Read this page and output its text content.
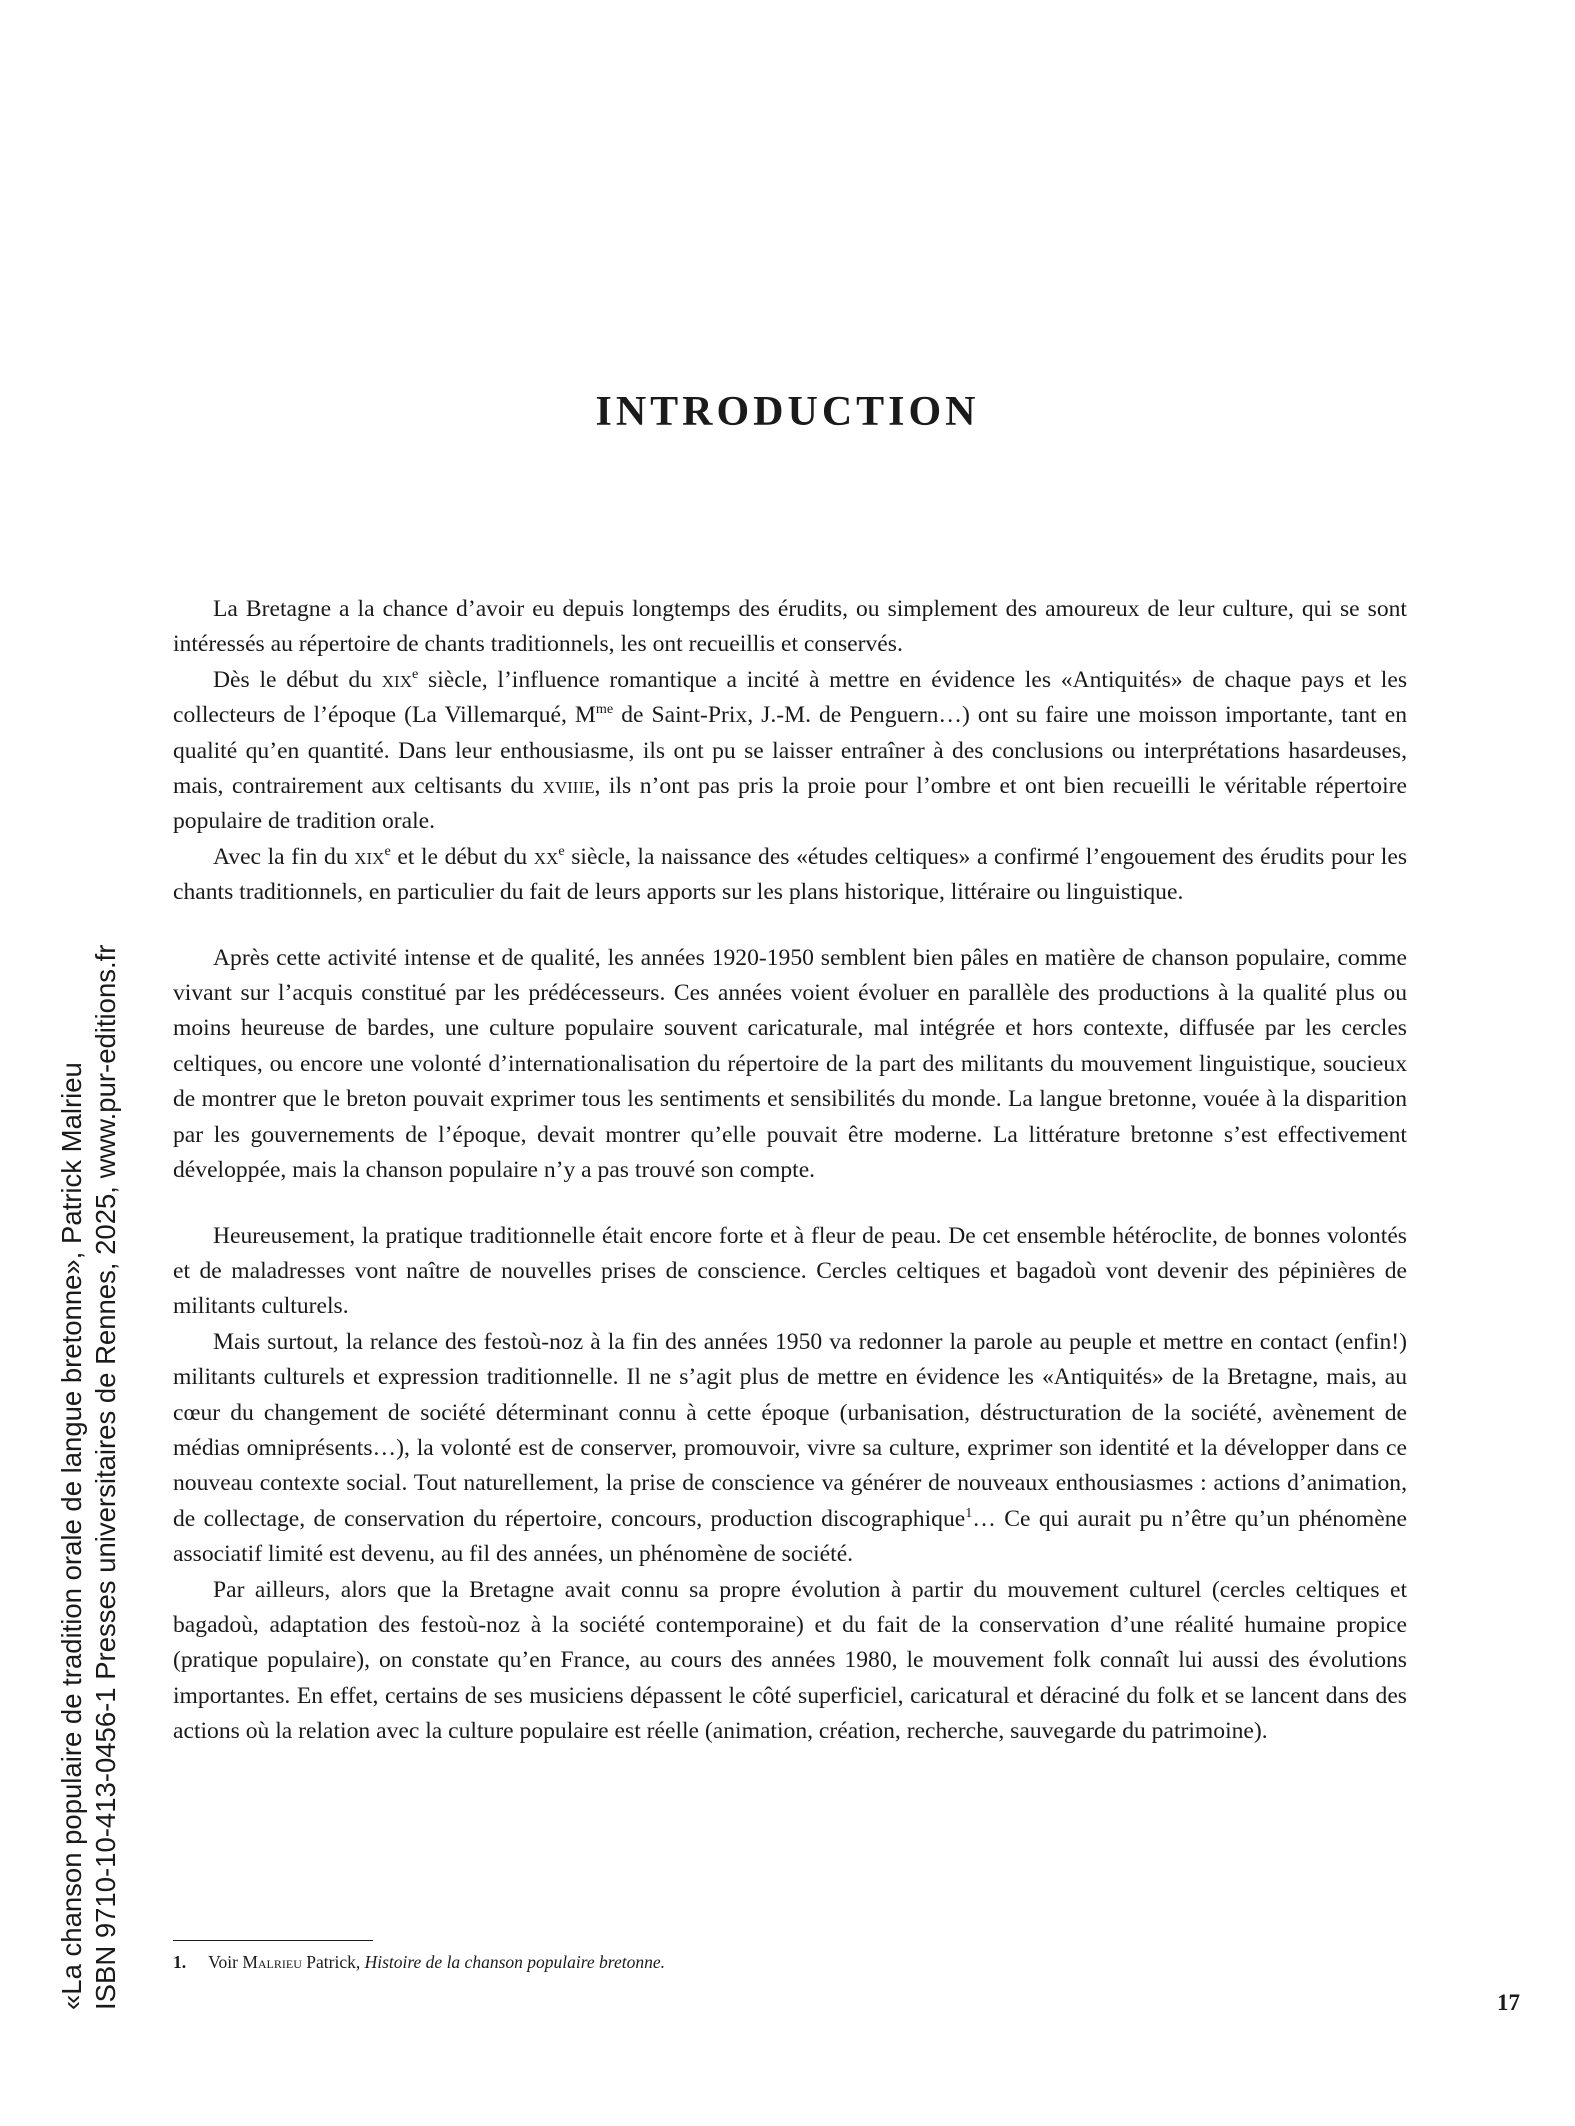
INTRODUCTION

La Bretagne a la chance d’avoir eu depuis longtemps des érudits, ou simplement des amoureux de leur culture, qui se sont intéressés au répertoire de chants traditionnels, les ont recueillis et conservés.

Dès le début du xix$^e$ siècle, l’influence romantique a incité à mettre en évidence les «Antiquités» de chaque pays et les collecteurs de l’époque (La Villemarqué, $M^{me}$ de Saint-Prix, J.-M. de Penguern…) ont su faire une moisson importante, tant en qualité qu’en quantité. Dans leur enthousiasme, ils ont pu se laisser entraîner à des conclusions ou interprétations hasardeuses, mais, contrairement aux celtisants du xviiie, ils n’ont pas pris la proie pour l’ombre et ont bien recueilli le véritable répertoire populaire de tradition orale.

Avec la fin du xix$^e$ et le début du $xx^e$ siècle, la naissance des «études celtiques» a confirmé l’engouement des érudits pour les chants traditionnels, en particulier du fait de leurs apports sur les plans historique, littéraire ou linguistique.

Après cette activité intense et de qualité, les années 1920-1950 semblent bien pâles en matière de chanson populaire, comme vivant sur l’acquis constitué par les prédécesseurs. Ces années voient évoluer en parallèle des productions à la qualité plus ou moins heureuse de bardes, une culture populaire souvent caricaturale, mal intégrée et hors contexte, diffusée par les cercles celtiques, ou encore une volonté d’internationalisation du répertoire de la part des militants du mouvement linguistique, soucieux de montrer que le breton pouvait exprimer tous les sentiments et sensibilités du monde. La langue bretonne, vouée à la disparition par les gouvernements de l’époque, devait montrer qu’elle pouvait être moderne. La littérature bretonne s’est effectivement développée, mais la chanson populaire n’y a pas trouvé son compte.

Heureusement, la pratique traditionnelle était encore forte et à fleur de peau. De cet ensemble hétéroclite, de bonnes volontés et de maladresses vont naître de nouvelles prises de conscience. Cercles celtiques et bagadoù vont devenir des pépinières de militants culturels.

Mais surtout, la relance des festoù-noz à la fin des années 1950 va redonner la parole au peuple et mettre en contact (enfin!) militants culturels et expression traditionnelle. Il ne s’agit plus de mettre en évidence les «Antiquités» de la Bretagne, mais, au cœur du changement de société déterminant connu à cette époque (urbanisation, déstructuration de la société, avènement de médias omniprésents…), la volonté est de conserver, promouvoir, vivre sa culture, exprimer son identité et la développer dans ce nouveau contexte social. Tout naturellement, la prise de conscience va générer de nouveaux enthousiasmes : actions d’animation, de collectage, de conservation du répertoire, concours, production discographique$^1$… Ce qui aurait pu n’être qu’un phénomène associatif limité est devenu, au fil des années, un phénomène de société.

Par ailleurs, alors que la Bretagne avait connu sa propre évolution à partir du mouvement culturel (cercles celtiques et bagadoù, adaptation des festoù-noz à la société contemporaine) et du fait de la conservation d’une réalité humaine propice (pratique populaire), on constate qu’en France, au cours des années 1980, le mouvement folk connaît lui aussi des évolutions importantes. En effet, certains de ses musiciens dépassent le côté superficiel, caricatural et déraciné du folk et se lancent dans des actions où la relation avec la culture populaire est réelle (animation, création, recherche, sauvegarde du patrimoine).

1. Voir Malrieu Patrick, Histoire de la chanson populaire bretonne.
17
«La chanson populaire de tradition orale de langue bretonne», Patrick Malrieu ISBN 9710-10-413-0456-1 Presses universitaires de Rennes, 2025, www.pur-editions.fr
